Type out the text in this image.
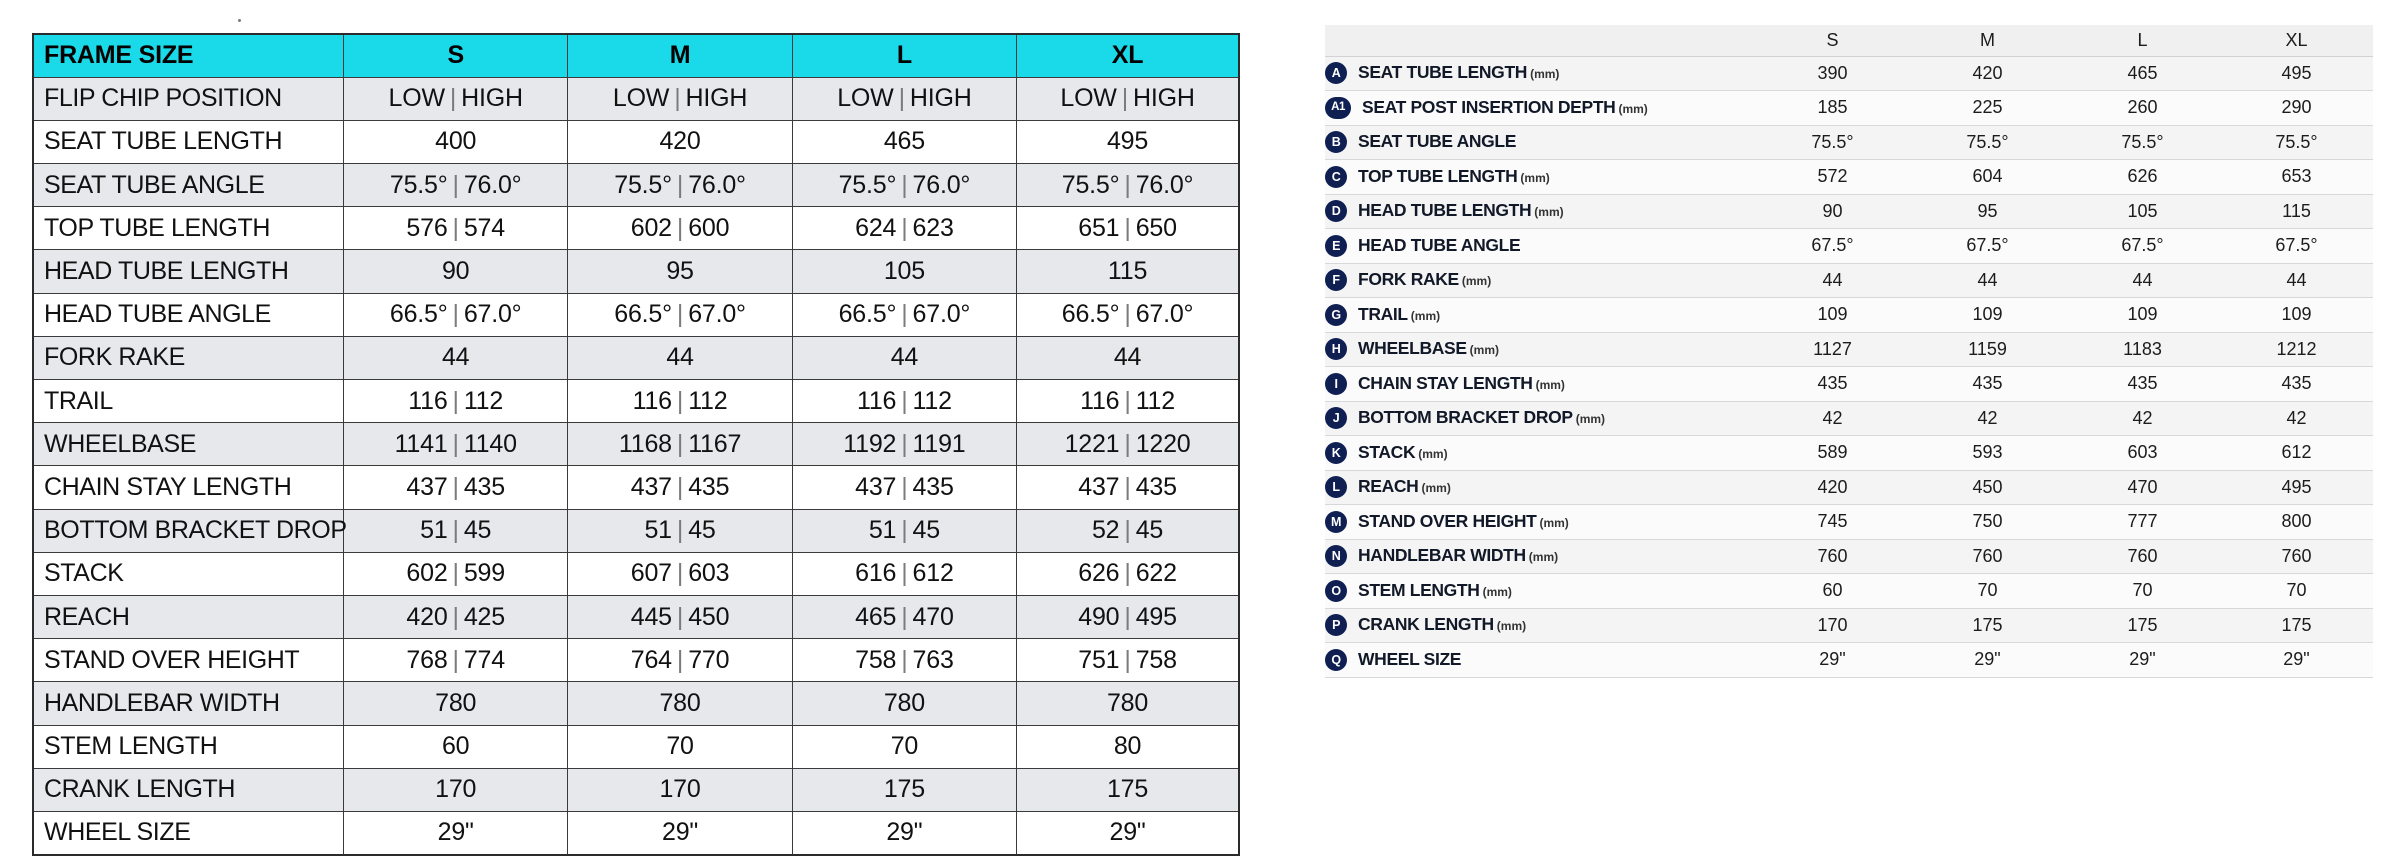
FRAME SIZE	S	M	L	XL
FLIP CHIP POSITION	LOW | HIGH	LOW | HIGH	LOW | HIGH	LOW | HIGH
SEAT TUBE LENGTH	400	420	465	495
SEAT TUBE ANGLE	75.5° | 76.0°	75.5° | 76.0°	75.5° | 76.0°	75.5° | 76.0°
TOP TUBE LENGTH	576 | 574	602 | 600	624 | 623	651 | 650
HEAD TUBE LENGTH	90	95	105	115
HEAD TUBE ANGLE	66.5° | 67.0°	66.5° | 67.0°	66.5° | 67.0°	66.5° | 67.0°
FORK RAKE	44	44	44	44
TRAIL	116 | 112	116 | 112	116 | 112	116 | 112
WHEELBASE	1141 | 1140	1168 | 1167	1192 | 1191	1221 | 1220
CHAIN STAY LENGTH	437 | 435	437 | 435	437 | 435	437 | 435
BOTTOM BRACKET DROP	51 | 45	51 | 45	51 | 45	52 | 45
STACK	602 | 599	607 | 603	616 | 612	626 | 622
REACH	420 | 425	445 | 450	465 | 470	490 | 495
STAND OVER HEIGHT	768 | 774	764 | 770	758 | 763	751 | 758
HANDLEBAR WIDTH	780	780	780	780
STEM LENGTH	60	70	70	80
CRANK LENGTH	170	170	175	175
WHEEL SIZE	29"	29"	29"	29"
	S	M	L	XL
A SEAT TUBE LENGTH (mm)	390	420	465	495
A1 SEAT POST INSERTION DEPTH (mm)	185	225	260	290
B SEAT TUBE ANGLE	75.5°	75.5°	75.5°	75.5°
C TOP TUBE LENGTH (mm)	572	604	626	653
D HEAD TUBE LENGTH (mm)	90	95	105	115
E HEAD TUBE ANGLE	67.5°	67.5°	67.5°	67.5°
F FORK RAKE (mm)	44	44	44	44
G TRAIL (mm)	109	109	109	109
H WHEELBASE (mm)	1127	1159	1183	1212
I CHAIN STAY LENGTH (mm)	435	435	435	435
J BOTTOM BRACKET DROP (mm)	42	42	42	42
K STACK (mm)	589	593	603	612
L REACH (mm)	420	450	470	495
M STAND OVER HEIGHT (mm)	745	750	777	800
N HANDLEBAR WIDTH (mm)	760	760	760	760
O STEM LENGTH (mm)	60	70	70	70
P CRANK LENGTH (mm)	170	175	175	175
Q WHEEL SIZE	29"	29"	29"	29"
